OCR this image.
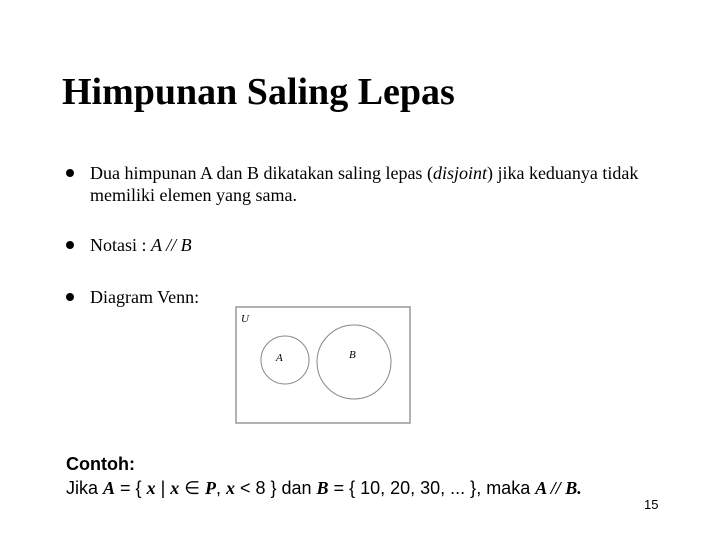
Himpunan Saling Lepas
Dua himpunan A dan B dikatakan saling lepas (disjoint) jika keduanya tidak memiliki elemen yang sama.
Notasi : A // B
Diagram Venn:
U
A	B
Contoh:
Jika A = { x | x ∈ P, x < 8 } dan B = { 10, 20, 30, ... }, maka A // B.
15
